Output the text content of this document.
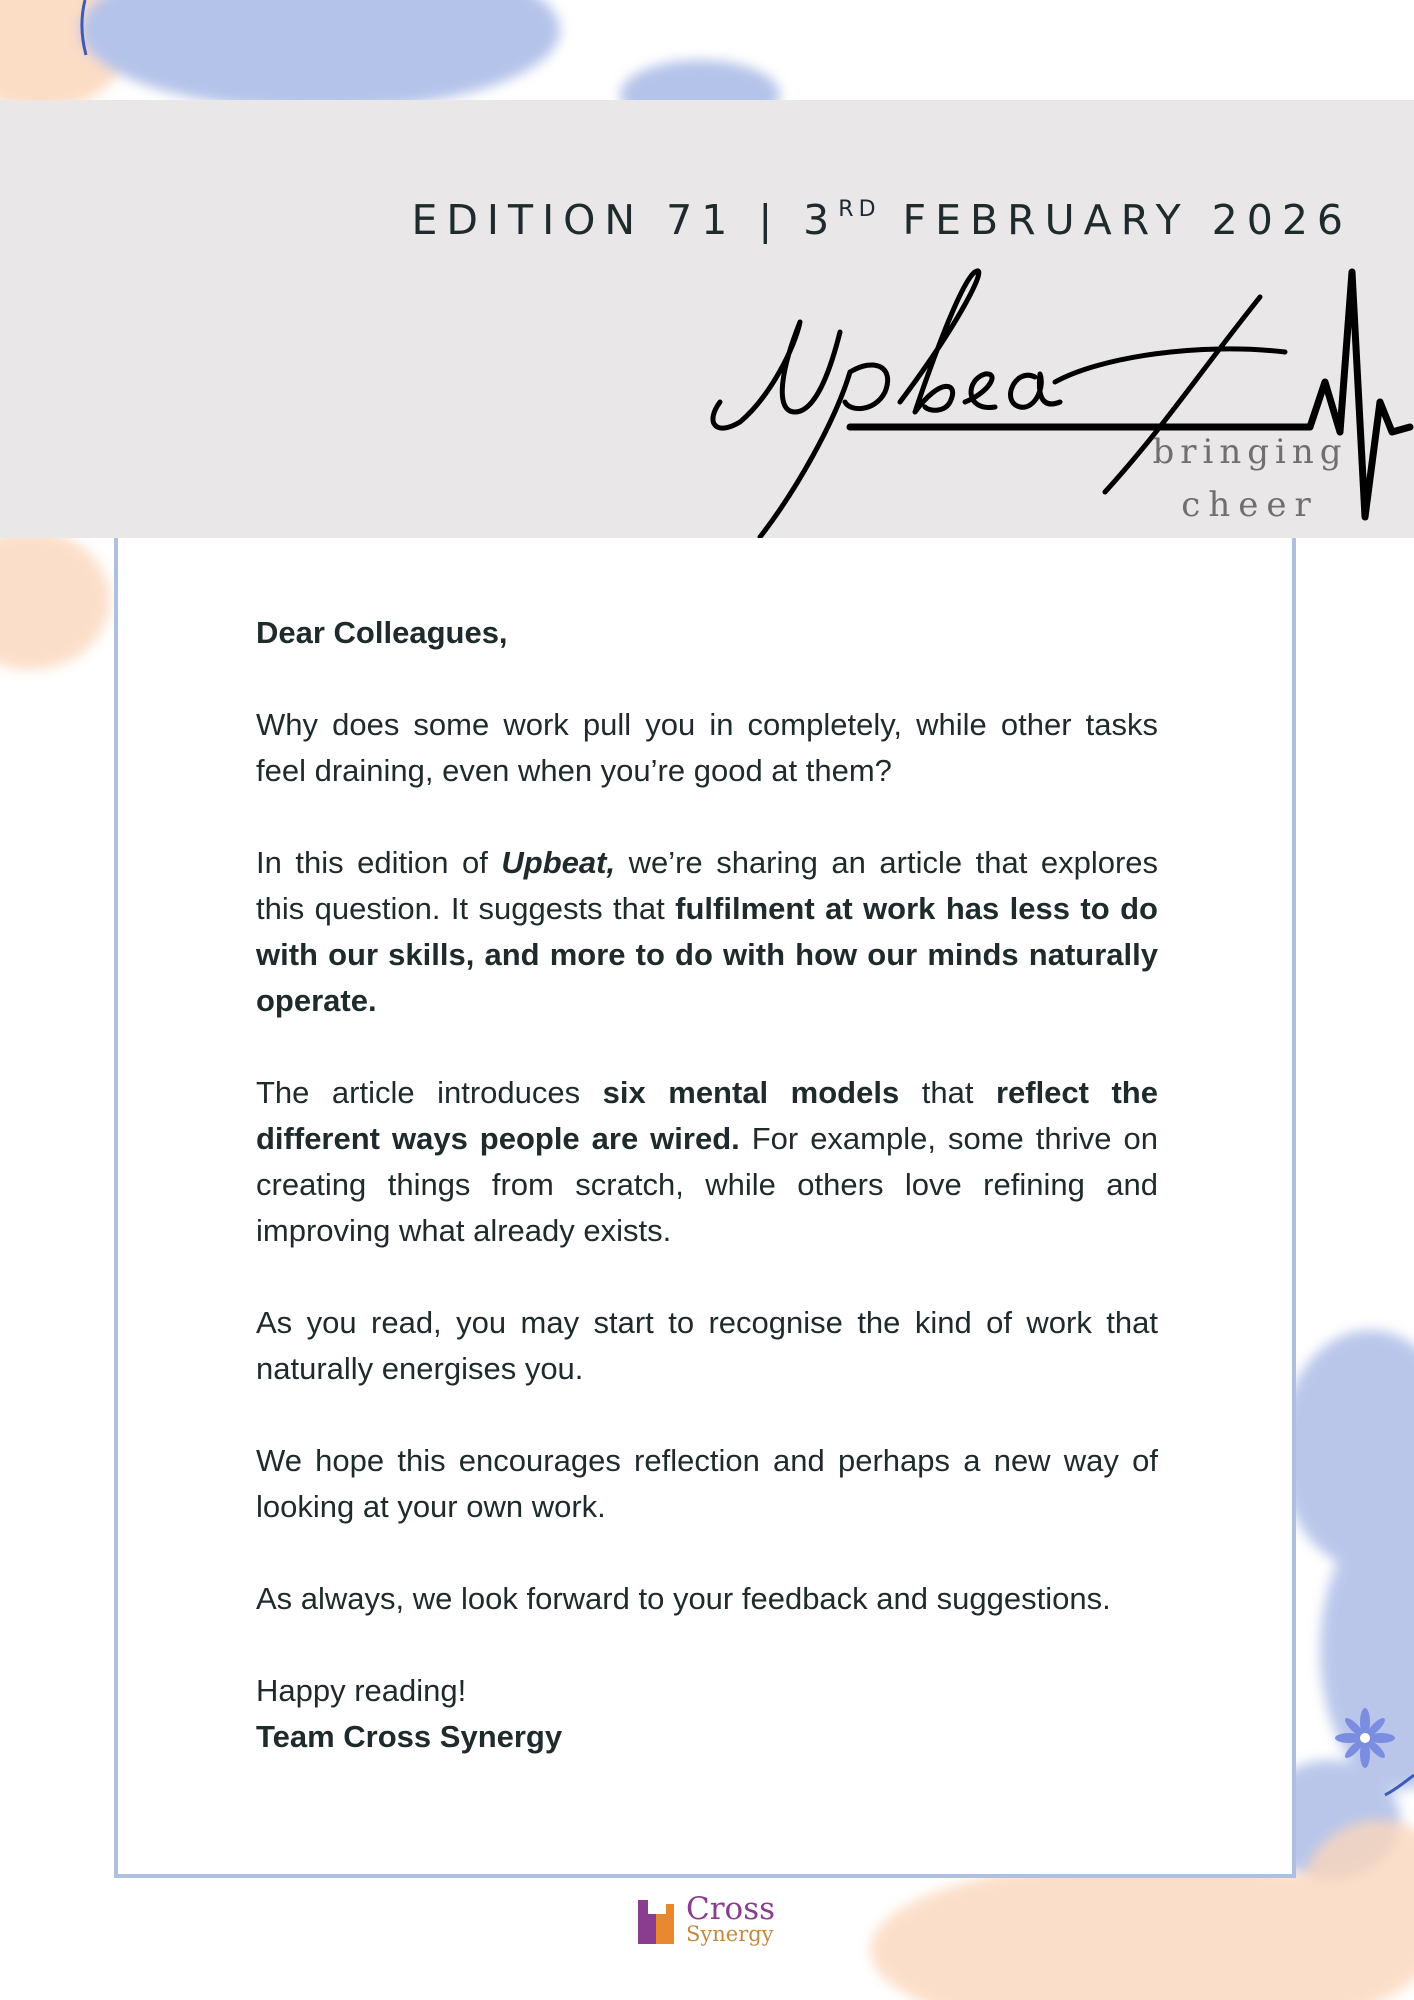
EDITION 71 | 3RD FEBRUARY 2026
bringing
cheer

Dear Colleagues,

Why does some work pull you in completely, while other tasks feel draining, even when you’re good at them?

In this edition of Upbeat, we’re sharing an article that explores this question. It suggests that fulfilment at work has less to do with our skills, and more to do with how our minds naturally operate.

The article introduces six mental models that reflect the different ways people are wired. For example, some thrive on creating things from scratch, while others love refining and improving what already exists.

As you read, you may start to recognise the kind of work that naturally energises you.

We hope this encourages reflection and perhaps a new way of looking at your own work.

As always, we look forward to your feedback and suggestions.

Happy reading!

Team Cross Synergy

Cross
Synergy
